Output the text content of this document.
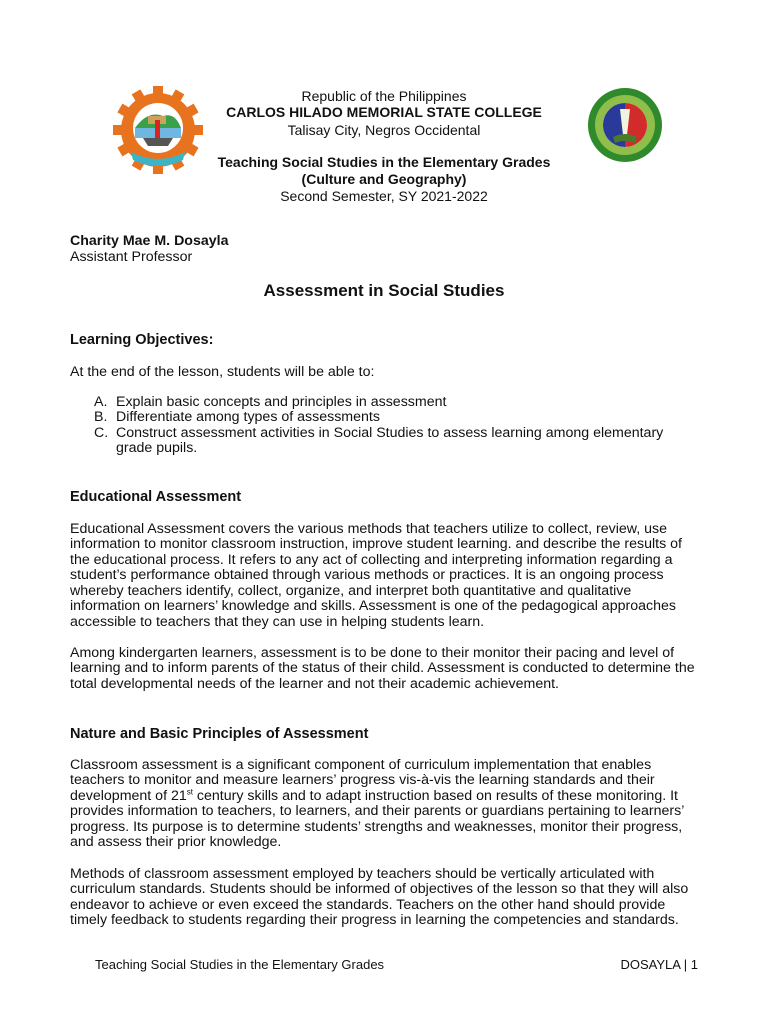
Republic of the Philippines
CARLOS HILADO MEMORIAL STATE COLLEGE
Talisay City, Negros Occidental
Teaching Social Studies in the Elementary Grades
(Culture and Geography)
Second Semester, SY 2021-2022
Charity Mae M. Dosayla
Assistant Professor
Assessment in Social Studies
Learning Objectives:
At the end of the lesson, students will be able to:
A. Explain basic concepts and principles in assessment
B. Differentiate among types of assessments
C. Construct assessment activities in Social Studies to assess learning among elementary
grade pupils.
Educational Assessment
Educational Assessment covers the various methods that teachers utilize to collect, review, use
information to monitor classroom instruction, improve student learning. and describe the results of
the educational process. It refers to any act of collecting and interpreting information regarding a
student’s performance obtained through various methods or practices. It is an ongoing process
whereby teachers identify, collect, organize, and interpret both quantitative and qualitative
information on learners’ knowledge and skills. Assessment is one of the pedagogical approaches
accessible to teachers that they can use in helping students learn.
Among kindergarten learners, assessment is to be done to their monitor their pacing and level of
learning and to inform parents of the status of their child. Assessment is conducted to determine the
total developmental needs of the learner and not their academic achievement.
Nature and Basic Principles of Assessment
Classroom assessment is a significant component of curriculum implementation that enables
teachers to monitor and measure learners’ progress vis-à-vis the learning standards and their
development of 21st century skills and to adapt instruction based on results of these monitoring. It
provides information to teachers, to learners, and their parents or guardians pertaining to learners’
progress. Its purpose is to determine students’ strengths and weaknesses, monitor their progress,
and assess their prior knowledge.
Methods of classroom assessment employed by teachers should be vertically articulated with
curriculum standards. Students should be informed of objectives of the lesson so that they will also
endeavor to achieve or even exceed the standards. Teachers on the other hand should provide
timely feedback to students regarding their progress in learning the competencies and standards.
Teaching Social Studies in the Elementary Grades	DOSAYLA | 1
